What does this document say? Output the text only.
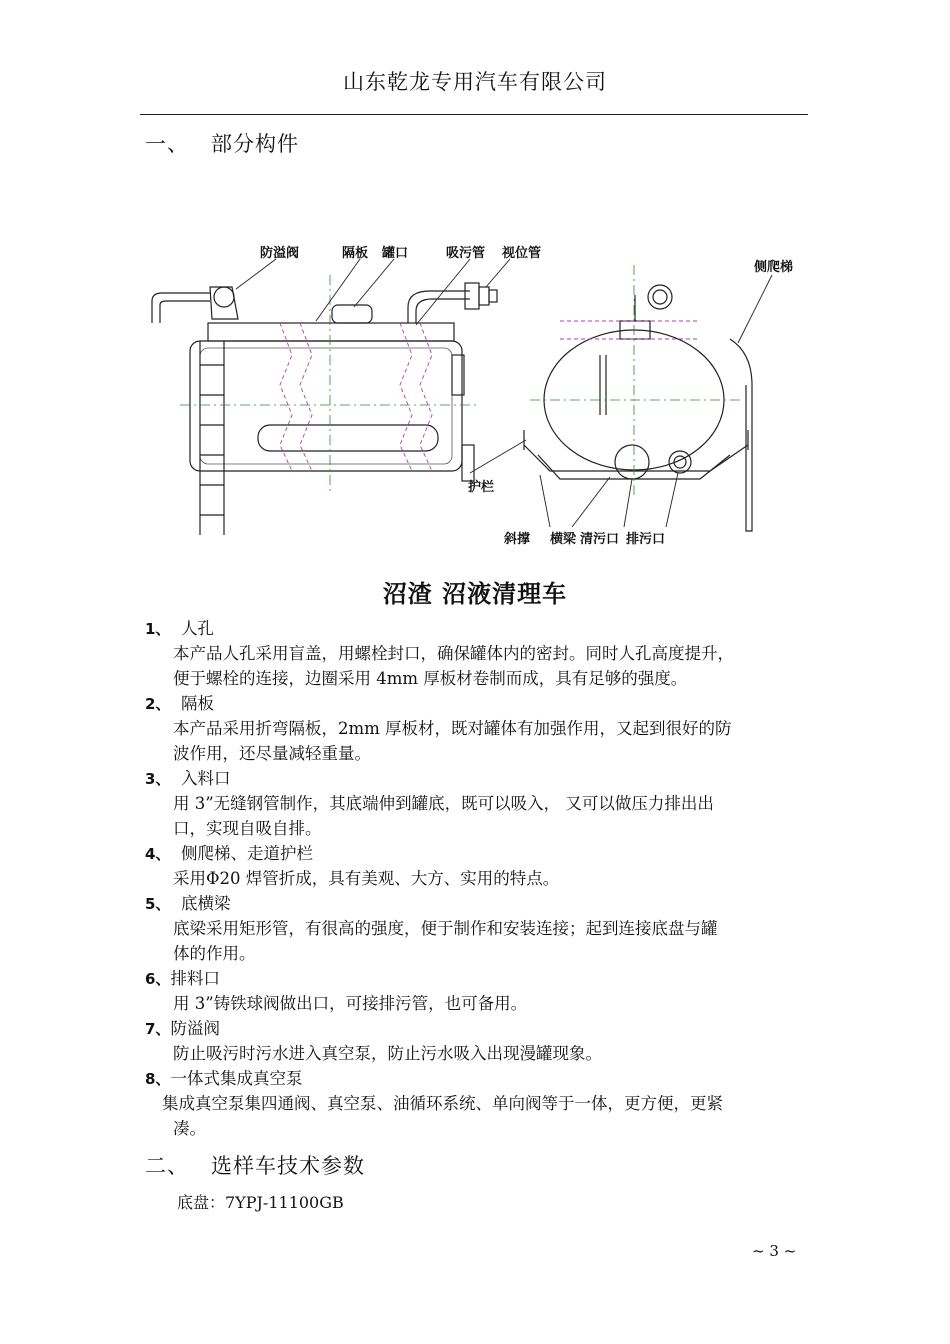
山东乾龙专用汽车有限公司
一、 部分构件
防溢阀	隔板 罐口	吸污管 视位管
侧爬梯
护栏
斜撑 横梁 清污口 排污口
沼渣 沼液清理车
1、 人孔
本产品人孔采用盲盖，用螺栓封口，确保罐体内的密封。同时人孔高度提升，
便于螺栓的连接，边圈采用 4mm 厚板材卷制而成，具有足够的强度。
2、 隔板
本产品采用折弯隔板，2mm 厚板材，既对罐体有加强作用，又起到很好的防
波作用，还尽量减轻重量。
3、 入料口
用 3”无缝钢管制作，其底端伸到罐底，既可以吸入， 又可以做压力排出出
口，实现自吸自排。
4、 侧爬梯、走道护栏
采用Φ20 焊管折成，具有美观、大方、实用的特点。
5、 底横梁
底梁采用矩形管，有很高的强度，便于制作和安装连接；起到连接底盘与罐
体的作用。
6、排料口
用 3”铸铁球阀做出口，可接排污管，也可备用。
7、防溢阀
防止吸污时污水进入真空泵，防止污水吸入出现漫罐现象。
8、一体式集成真空泵
集成真空泵集四通阀、真空泵、油循环系统、单向阀等于一体，更方便，更紧
凑。
二、 选样车技术参数
底盘：7YPJ-11100GB
~ 3 ~
